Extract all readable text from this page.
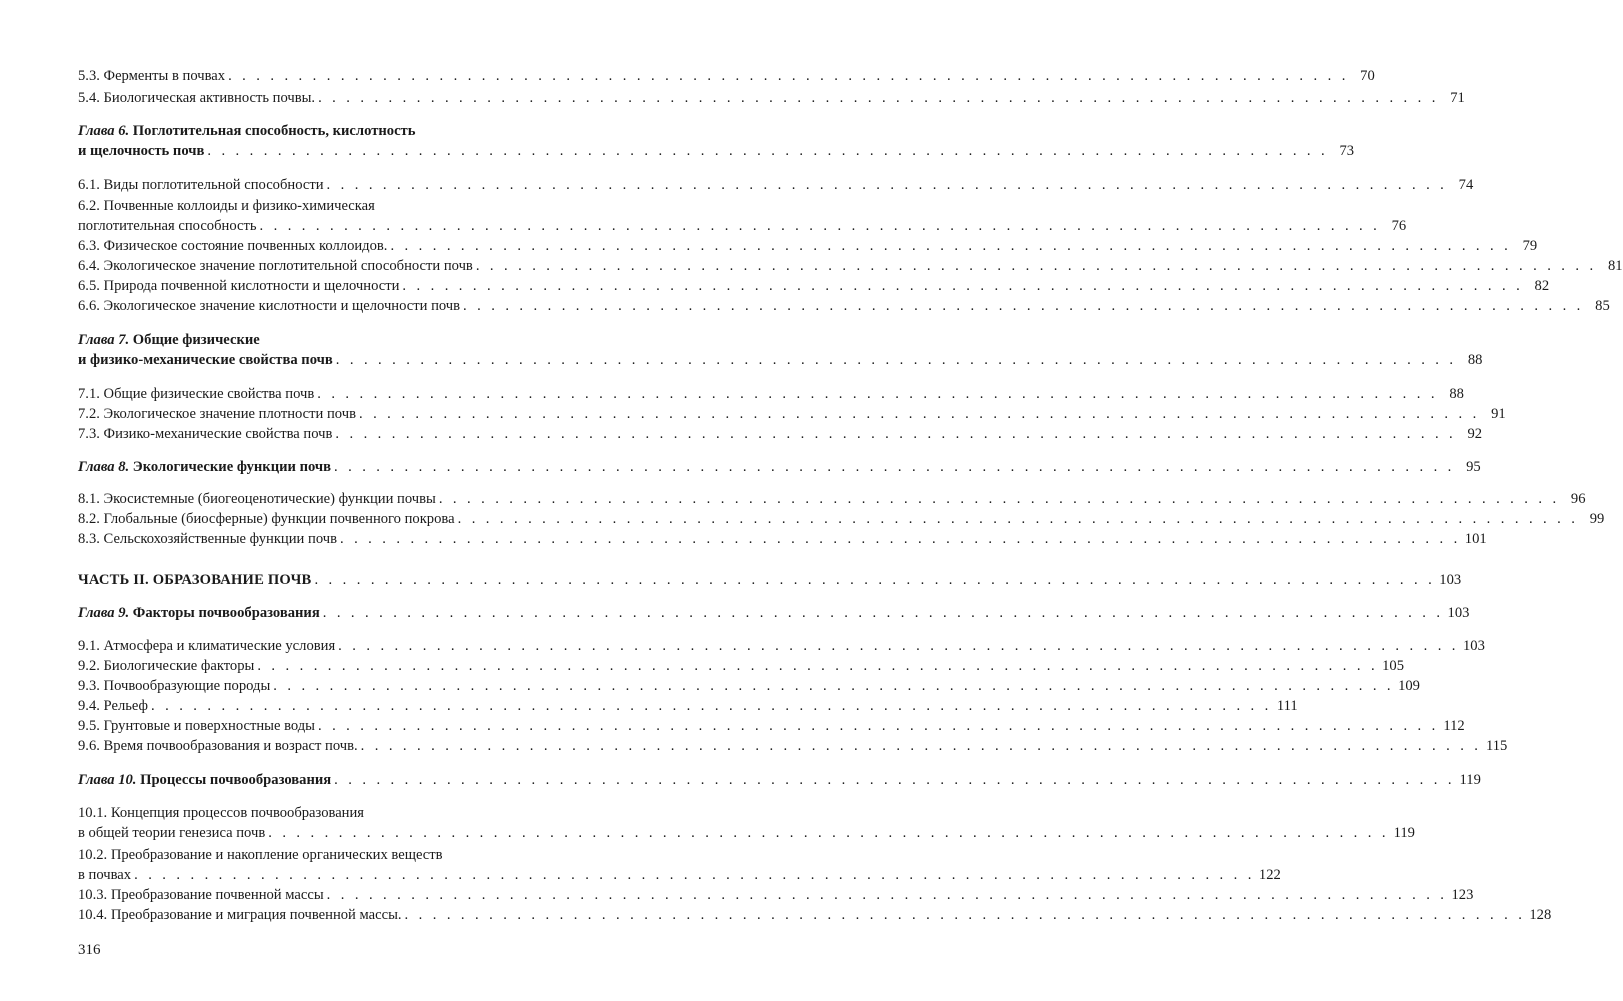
5.3. Ферменты в почвах . . . . . . . . . . . . . . . . . . . . . . . . . . . . . . . . . . . . . . . . . . . . . . . . . . . . . . . . . . . . . . . . . . . . . . . . . . . . . . . . 70
5.4. Биологическая активность почвы. . . . . . . . . . . . . . . . . . . . . . . . . . . . . . . . . . . . . . . . . . . . . . . . . . . . . . . . . . . . . . . . . . . . . . . . . . . . . . . . . 71
Глава 6. Поглотительная способность, кислотность
и щелочность почв . . . . . . . . . . . . . . . . . . . . . . . . . . . . . . . . . . . . . . . . . . . . . . . . . . . . . . . . . . . . . . . . . . . . . . . . . . . . . . . . 73
6.1. Виды поглотительной способности . . . . . . . . . . . . . . . . . . . . . . . . . . . . . . . . . . . . . . . . . . . . . . . . . . . . . . . . . . . . . . . . . . . . . . . . . . . . . . . . 74
6.2. Почвенные коллоиды и физико-химическая
поглотительная способность . . . . . . . . . . . . . . . . . . . . . . . . . . . . . . . . . . . . . . . . . . . . . . . . . . . . . . . . . . . . . . . . . . . . . . . . . . . . . . . . 76
6.3. Физическое состояние почвенных коллоидов. . . . . . . . . . . . . . . . . . . . . . . . . . . . . . . . . . . . . . . . . . . . . . . . . . . . . . . . . . . . . . . . . . . . . . . . . . . . . . . . . 79
6.4. Экологическое значение поглотительной способности почв . . . . . . . . . . . . . . . . . . . . . . . . . . . . . . . . . . . . . . . . . . . . . . . . . . . . . . . . . . . . . . . . . . . . . . . . . . . . . . . . 81
6.5. Природа почвенной кислотности и щелочности . . . . . . . . . . . . . . . . . . . . . . . . . . . . . . . . . . . . . . . . . . . . . . . . . . . . . . . . . . . . . . . . . . . . . . . . . . . . . . . . 82
6.6. Экологическое значение кислотности и щелочности почв . . . . . . . . . . . . . . . . . . . . . . . . . . . . . . . . . . . . . . . . . . . . . . . . . . . . . . . . . . . . . . . . . . . . . . . . . . . . . . . . 85
Глава 7. Общие физические
и физико-механические свойства почв . . . . . . . . . . . . . . . . . . . . . . . . . . . . . . . . . . . . . . . . . . . . . . . . . . . . . . . . . . . . . . . . . . . . . . . . . . . . . . . . 88
7.1. Общие физические свойства почв . . . . . . . . . . . . . . . . . . . . . . . . . . . . . . . . . . . . . . . . . . . . . . . . . . . . . . . . . . . . . . . . . . . . . . . . . . . . . . . . 88
7.2. Экологическое значение плотности почв . . . . . . . . . . . . . . . . . . . . . . . . . . . . . . . . . . . . . . . . . . . . . . . . . . . . . . . . . . . . . . . . . . . . . . . . . . . . . . . . 91
7.3. Физико-механические свойства почв . . . . . . . . . . . . . . . . . . . . . . . . . . . . . . . . . . . . . . . . . . . . . . . . . . . . . . . . . . . . . . . . . . . . . . . . . . . . . . . . 92
Глава 8. Экологические функции почв . . . . . . . . . . . . . . . . . . . . . . . . . . . . . . . . . . . . . . . . . . . . . . . . . . . . . . . . . . . . . . . . . . . . . . . . . . . . . . . . 95
8.1. Экосистемные (биогеоценотические) функции почвы . . . . . . . . . . . . . . . . . . . . . . . . . . . . . . . . . . . . . . . . . . . . . . . . . . . . . . . . . . . . . . . . . . . . . . . . . . . . . . . . 96
8.2. Глобальные (биосферные) функции почвенного покрова . . . . . . . . . . . . . . . . . . . . . . . . . . . . . . . . . . . . . . . . . . . . . . . . . . . . . . . . . . . . . . . . . . . . . . . . . . . . . . . . 99
8.3. Сельскохозяйственные функции почв . . . . . . . . . . . . . . . . . . . . . . . . . . . . . . . . . . . . . . . . . . . . . . . . . . . . . . . . . . . . . . . . . . . . . . . . . . . . . . . . 101
ЧАСТЬ II. ОБРАЗОВАНИЕ ПОЧВ . . . . . . . . . . . . . . . . . . . . . . . . . . . . . . . . . . . . . . . . . . . . . . . . . . . . . . . . . . . . . . . . . . . . . . . . . . . . . . . . 103
Глава 9. Факторы почвообразования . . . . . . . . . . . . . . . . . . . . . . . . . . . . . . . . . . . . . . . . . . . . . . . . . . . . . . . . . . . . . . . . . . . . . . . . . . . . . . . . 103
9.1. Атмосфера и климатические условия . . . . . . . . . . . . . . . . . . . . . . . . . . . . . . . . . . . . . . . . . . . . . . . . . . . . . . . . . . . . . . . . . . . . . . . . . . . . . . . . 103
9.2. Биологические факторы . . . . . . . . . . . . . . . . . . . . . . . . . . . . . . . . . . . . . . . . . . . . . . . . . . . . . . . . . . . . . . . . . . . . . . . . . . . . . . . . 105
9.3. Почвообразующие породы . . . . . . . . . . . . . . . . . . . . . . . . . . . . . . . . . . . . . . . . . . . . . . . . . . . . . . . . . . . . . . . . . . . . . . . . . . . . . . . . 109
9.4. Рельеф . . . . . . . . . . . . . . . . . . . . . . . . . . . . . . . . . . . . . . . . . . . . . . . . . . . . . . . . . . . . . . . . . . . . . . . . . . . . . . . . 111
9.5. Грунтовые и поверхностные воды . . . . . . . . . . . . . . . . . . . . . . . . . . . . . . . . . . . . . . . . . . . . . . . . . . . . . . . . . . . . . . . . . . . . . . . . . . . . . . . . 112
9.6. Время почвообразования и возраст почв. . . . . . . . . . . . . . . . . . . . . . . . . . . . . . . . . . . . . . . . . . . . . . . . . . . . . . . . . . . . . . . . . . . . . . . . . . . . . . . . . 115
Глава 10. Процессы почвообразования . . . . . . . . . . . . . . . . . . . . . . . . . . . . . . . . . . . . . . . . . . . . . . . . . . . . . . . . . . . . . . . . . . . . . . . . . . . . . . . . 119
10.1. Концепция процессов почвообразования
в общей теории генезиса почв . . . . . . . . . . . . . . . . . . . . . . . . . . . . . . . . . . . . . . . . . . . . . . . . . . . . . . . . . . . . . . . . . . . . . . . . . . . . . . . . 119
10.2. Преобразование и накопление органических веществ
в почвах . . . . . . . . . . . . . . . . . . . . . . . . . . . . . . . . . . . . . . . . . . . . . . . . . . . . . . . . . . . . . . . . . . . . . . . . . . . . . . . . 122
10.3. Преобразование почвенной массы . . . . . . . . . . . . . . . . . . . . . . . . . . . . . . . . . . . . . . . . . . . . . . . . . . . . . . . . . . . . . . . . . . . . . . . . . . . . . . . . 123
10.4. Преобразование и миграция почвенной массы. . . . . . . . . . . . . . . . . . . . . . . . . . . . . . . . . . . . . . . . . . . . . . . . . . . . . . . . . . . . . . . . . . . . . . . . . . . . . . . . . 128
316
